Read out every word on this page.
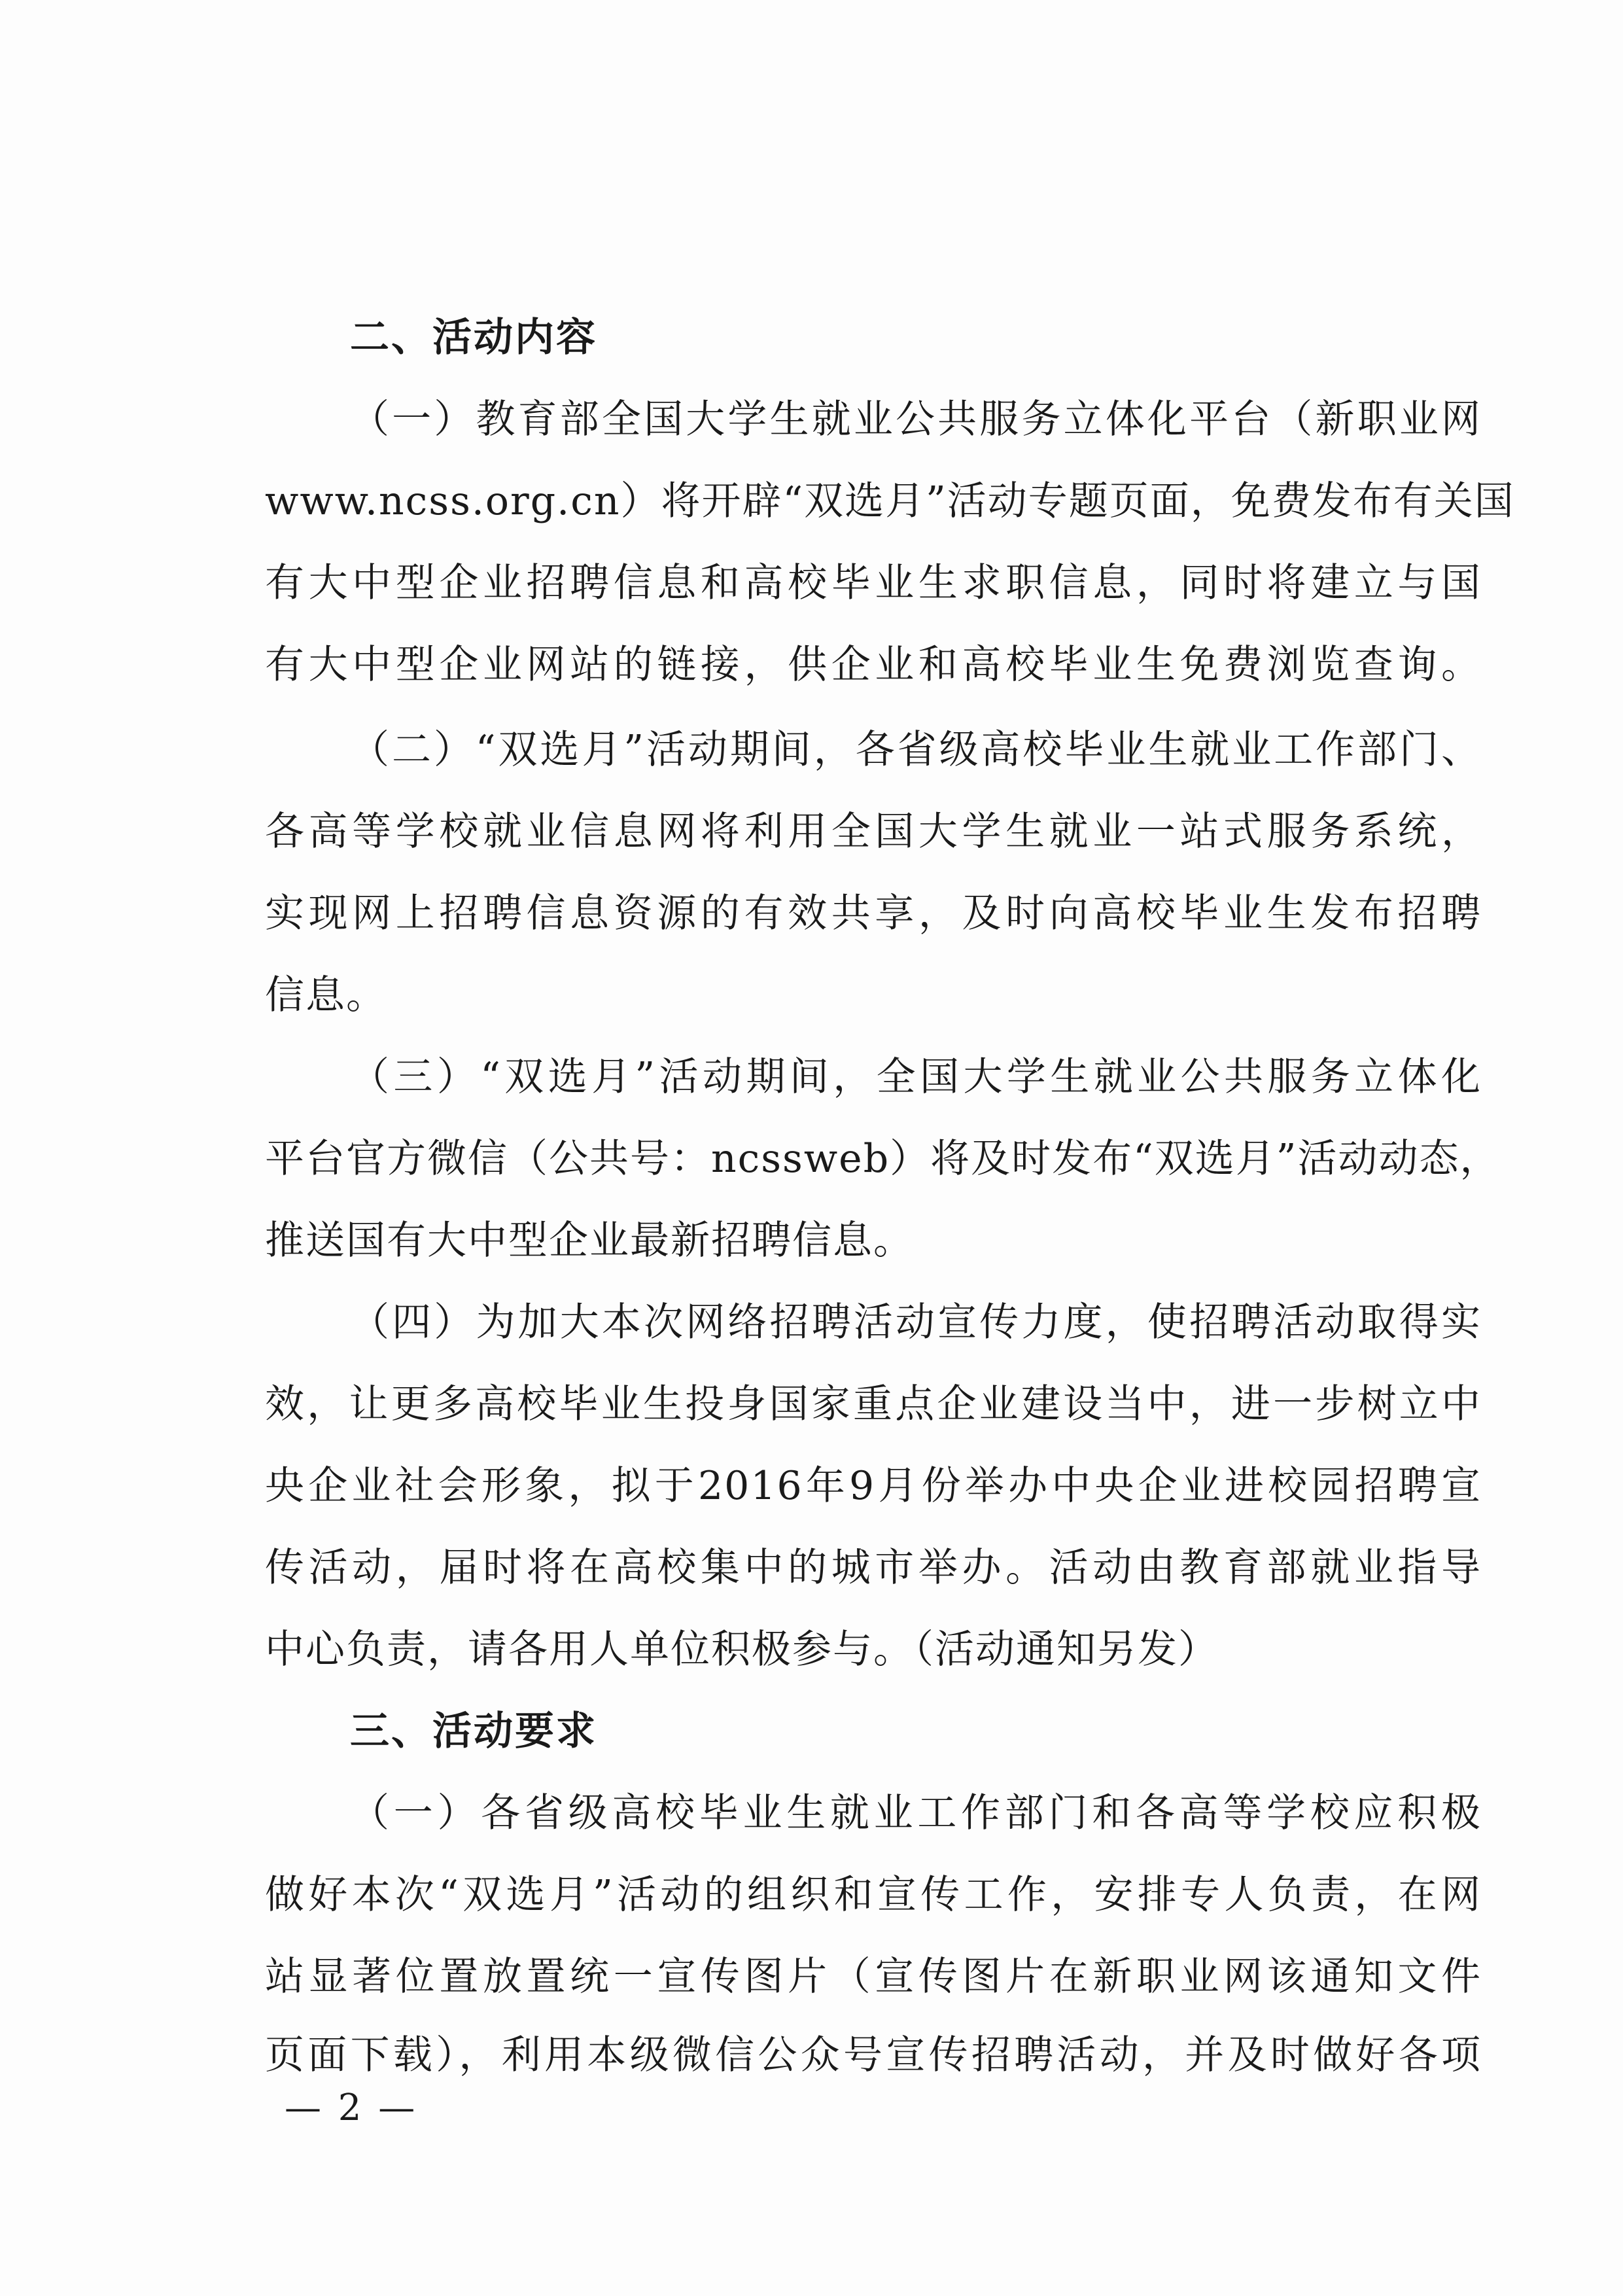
二、活动内容
（一）教育部全国大学生就业公共服务立体化平台（新职业网
www.ncss.org.cn）将开辟“双选月”活动专题页面，免费发布有关国
有大中型企业招聘信息和高校毕业生求职信息，同时将建立与国
有大中型企业网站的链接，供企业和高校毕业生免费浏览查询。
（二）“双选月”活动期间，各省级高校毕业生就业工作部门、
各高等学校就业信息网将利用全国大学生就业一站式服务系统，
实现网上招聘信息资源的有效共享，及时向高校毕业生发布招聘
信息。
（三）“双选月”活动期间，全国大学生就业公共服务立体化
平台官方微信（公共号：ncssweb）将及时发布“双选月”活动动态，
推送国有大中型企业最新招聘信息。
（四）为加大本次网络招聘活动宣传力度，使招聘活动取得实
效，让更多高校毕业生投身国家重点企业建设当中，进一步树立中
央企业社会形象，拟于2016年9月份举办中央企业进校园招聘宣
传活动，届时将在高校集中的城市举办。活动由教育部就业指导
中心负责，请各用人单位积极参与。（活动通知另发）
三、活动要求
（一）各省级高校毕业生就业工作部门和各高等学校应积极
做好本次“双选月”活动的组织和宣传工作，安排专人负责，在网
站显著位置放置统一宣传图片（宣传图片在新职业网该通知文件
页面下载），利用本级微信公众号宣传招聘活动，并及时做好各项
— 2 —
